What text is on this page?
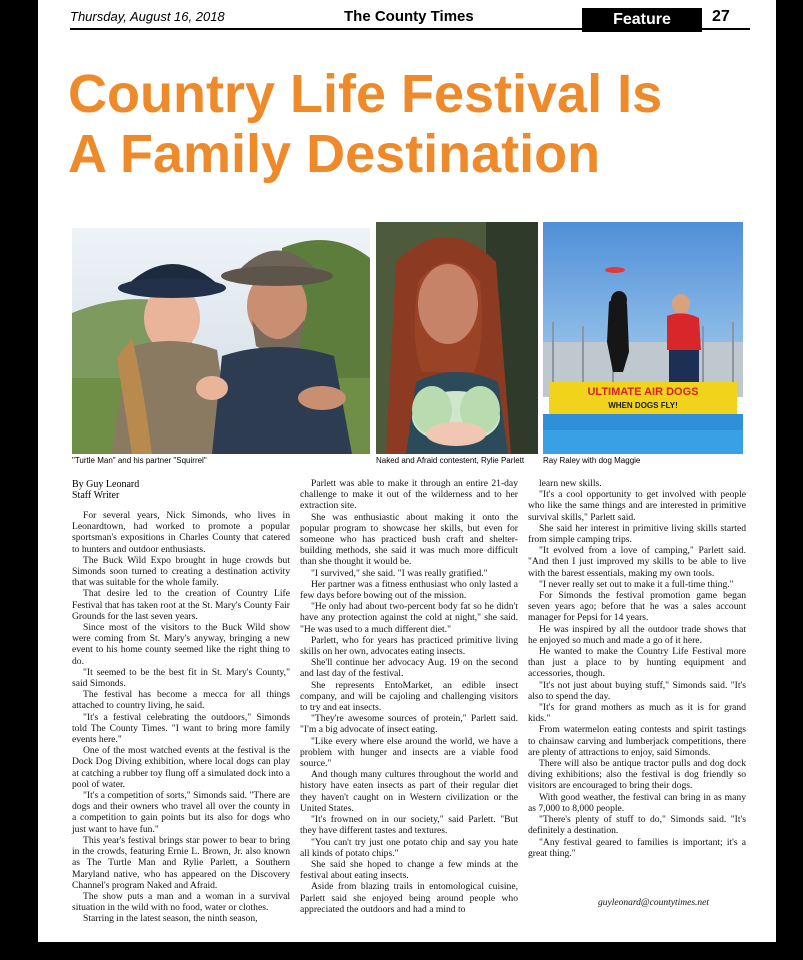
Thursday, August 16, 2018	The County Times	Feature	27
Country Life Festival Is
A Family Destination
"Turtle Man" and his partner "Squirrel"	Naked and Afraid contestent, Rylie Parlett
ULTIMATE AIR DOGS
WHEN DOGS FLY!
Ray Raley with dog Maggie
By Guy Leonard
Staff Writer

For several years, Nick Simonds, who lives in Leonardtown, had worked to promote a popular sportsman's expositions in Charles County that catered to hunters and outdoor enthusiasts.

The Buck Wild Expo brought in huge crowds but Simonds soon turned to creating a destination activity that was suitable for the whole family.

That desire led to the creation of Country Life Festival that has taken root at the St. Mary's County Fair Grounds for the last seven years.

Since most of the visitors to the Buck Wild show were coming from St. Mary's anyway, bringing a new event to his home county seemed like the right thing to do.

"It seemed to be the best fit in St. Mary's County," said Simonds.

The festival has become a mecca for all things attached to country living, he said.

"It's a festival celebrating the outdoors," Simonds told The County Times. "I want to bring more family events here."

One of the most watched events at the festival is the Dock Dog Diving exhibition, where local dogs can play at catching a rubber toy flung off a simulated dock into a pool of water.

"It's a competition of sorts," Simonds said. "There are dogs and their owners who travel all over the county in a competition to gain points but its also for dogs who just want to have fun."

This year's festival brings star power to bear to bring in the crowds, featuring Ernie L. Brown, Jr. also known as The Turtle Man and Rylie Parlett, a Southern Maryland native, who has appeared on the Discovery Channel's program Naked and Afraid.

The show puts a man and a woman in a survival situation in the wild with no food, water or clothes.

Starring in the latest season, the ninth season,

Parlett was able to make it through an entire 21-day challenge to make it out of the wilderness and to her extraction site.

She was enthusiastic about making it onto the popular program to showcase her skills, but even for someone who has practiced bush craft and shelter-building methods, she said it was much more difficult than she thought it would be.

"I survived," she said. "I was really gratified."

Her partner was a fitness enthusiast who only lasted a few days before bowing out of the mission.

"He only had about two-percent body fat so he didn't have any protection against the cold at night," she said. "He was used to a much different diet."

Parlett, who for years has practiced primitive living skills on her own, advocates eating insects.

She'll continue her advocacy Aug. 19 on the second and last day of the festival.

She represents EntoMarket, an edible insect company, and will be cajoling and challenging visitors to try and eat insects.

"They're awesome sources of protein," Parlett said. "I'm a big advocate of insect eating.

"Like every where else around the world, we have a problem with hunger and insects are a viable food source."

And though many cultures throughout the world and history have eaten insects as part of their regular diet they haven't caught on in Western civilization or the United States.

"It's frowned on in our society," said Parlett. "But they have different tastes and textures.

"You can't try just one potato chip and say you hate all kinds of potato chips."

She said she hoped to change a few minds at the festival about eating insects.

Aside from blazing trails in entomological cuisine, Parlett said she enjoyed being around people who appreciated the outdoors and had a mind to

learn new skills.

"It's a cool opportunity to get involved with people who like the same things and are interested in primitive survival skills," Parlett said.

She said her interest in primitive living skills started from simple camping trips.

"It evolved from a love of camping," Parlett said. "And then I just improved my skills to be able to live with the barest essentials, making my own tools.

"I never really set out to make it a full-time thing."

For Simonds the festival promotion game began seven years ago; before that he was a sales account manager for Pepsi for 14 years.

He was inspired by all the outdoor trade shows that he enjoyed so much and made a go of it here.

He wanted to make the Country Life Festival more than just a place to by hunting equipment and accessories, though.

"It's not just about buying stuff," Simonds said. "It's also to spend the day.

"It's for grand mothers as much as it is for grand kids."

From watermelon eating contests and spirit tastings to chainsaw carving and lumberjack competitions, there are plenty of attractions to enjoy, said Simonds.

There will also be antique tractor pulls and dog dock diving exhibitions; also the festival is dog friendly so visitors are encouraged to bring their dogs.

With good weather, the festival can bring in as many as 7,000 to 8,000 people.

"There's plenty of stuff to do," Simonds said. "It's definitely a destination.

"Any festival geared to families is important; it's a great thing."

guyleonard@countytimes.net
